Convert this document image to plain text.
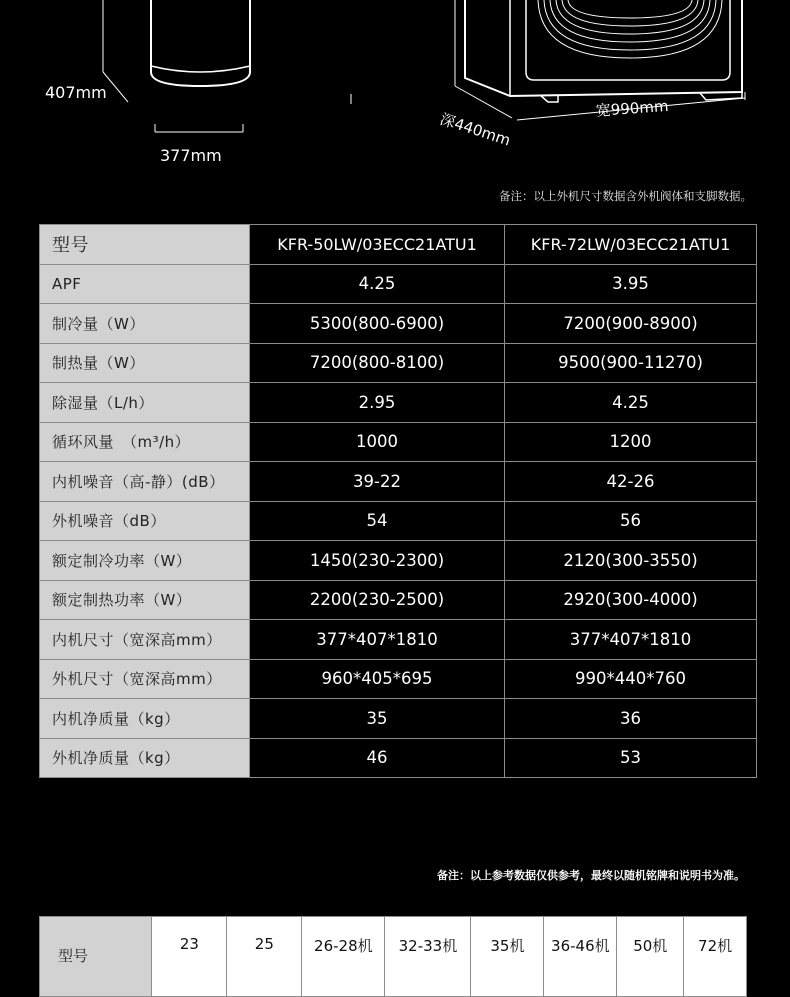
407mm
377mm
深440mm
宽990mm
备注：以上外机尺寸数据含外机阀体和支脚数据。
型号	KFR-50LW/03ECC21ATU1	KFR-72LW/03ECC21ATU1
APF	4.25	3.95
制冷量（W）	5300(800-6900)	7200(900-8900)
制热量（W）	7200(800-8100)	9500(900-11270)
除湿量（L/h）	2.95	4.25
循环风量　（m³/h）	1000	1200
内机噪音（高-静）(dB）	39-22	42-26
外机噪音（dB）	54	56
额定制冷功率（W）	1450(230-2300)	2120(300-3550)
额定制热功率（W）	2200(230-2500)	2920(300-4000)
内机尺寸（宽深高mm）	377*407*1810	377*407*1810
外机尺寸（宽深高mm）	960*405*695	990*440*760
内机净质量（kg）	35	36
外机净质量（kg）	46	53
备注：以上参考数据仅供参考，最终以随机铭牌和说明书为准。
型号	23	25	26-28机	32-33机	35机	36-46机	50机	72机
